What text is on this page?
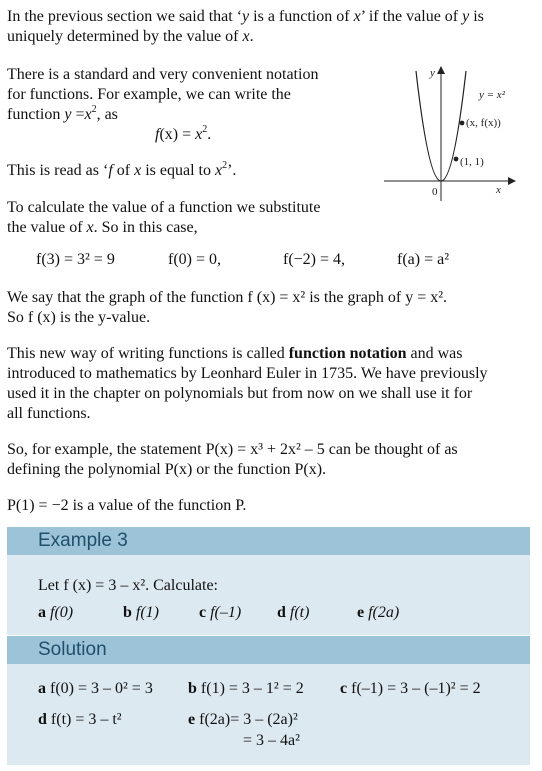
In the previous section we said that ‘y is a function of x’ if the value of y is

uniquely determined by the value of x.

There is a standard and very convenient notation

for functions. For example, we can write the

function $y =x^2$, as

$f(x) = x^2$.

This is read as ‘f of x is equal to $x^2$’.

y
x
0
y = x²
(x, f(x))
(1, 1)

To calculate the value of a function we substitute

the value of x. So in this case,

f(3) = 3² = 9	f(0) = 0,	f(−2) = 4,	f(a) = a²

We say that the graph of the function f (x) = x² is the graph of y = x².

So f (x) is the y-value.

This new way of writing functions is called function notation and was

introduced to mathematics by Leonhard Euler in 1735. We have previously

used it in the chapter on polynomials but from now on we shall use it for

all functions.

So, for example, the statement P(x) = x³ + 2x² – 5 can be thought of as

defining the polynomial P(x) or the function P(x).

P(1) = −2 is a value of the function P.

Example 3

Let f (x) = 3 – x². Calculate:

a f(0)	b f(1) c f(–1) d f(t)	e f(2a)

Solution

a f(0) = 3 – 0² = 3 b f(1) = 3 – 1² = 2 c f(–1) = 3 – (–1)² = 2

d f(t) = 3 – t²	e f(2a)= 3 – (2a)²

= 3 – 4a²
